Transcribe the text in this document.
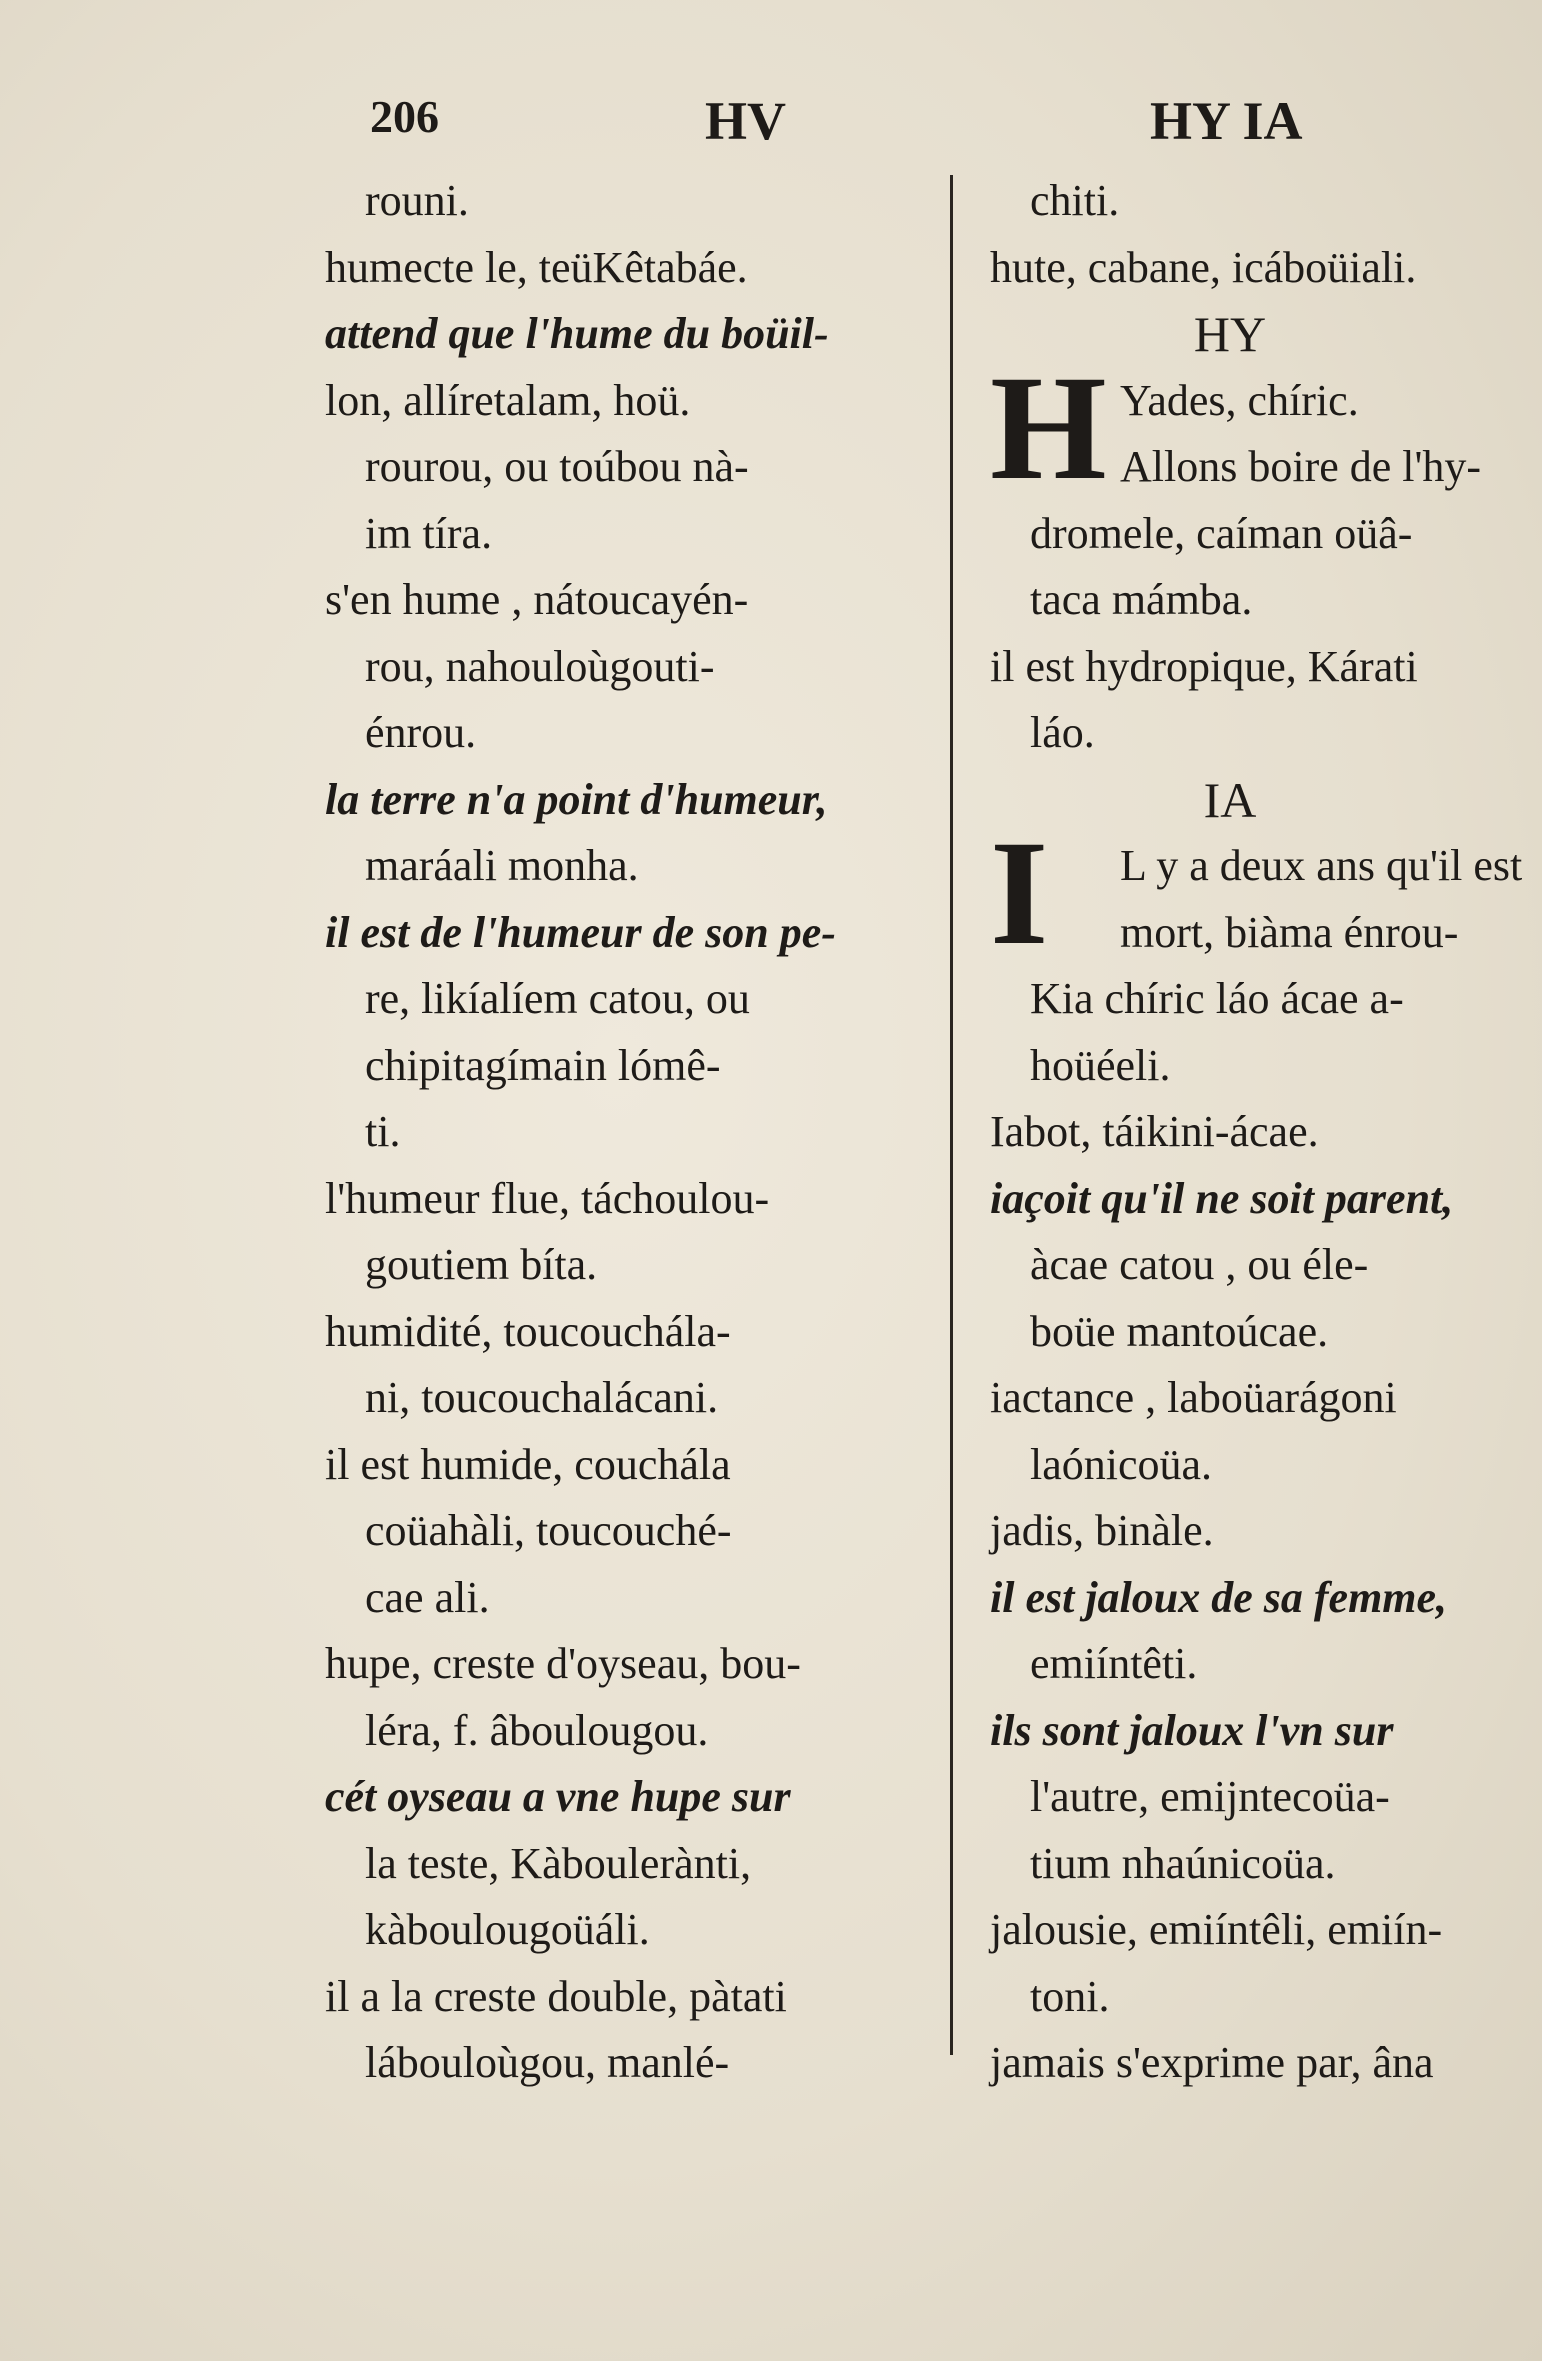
206	HV	HY IA
rouni.
humecte le, teüKêtabáe.
attend que l'hume du boüil-
lon, allíretalam, hoü.
rourou, ou toúbou nà-
im tíra.
s'en hume , nátoucayén-
rou, nahouloùgouti-
énrou.
la terre n'a point d'humeur,
maráali monha.
il est de l'humeur de son pe-
re, likíalíem catou, ou
chipitagímain lómê-
ti.
l'humeur flue, táchoulou-
goutiem bíta.
humidité, toucouchála-
ni, toucouchalácani.
il est humide, couchála
coüahàli, toucouché-
cae ali.
hupe, creste d'oyseau, bou-
léra, f. âboulougou.
cét oyseau a vne hupe sur
la teste, Kàboulerànti,
kàboulougoüáli.
il a la creste double, pàtati
lábouloùgou, manlé-
chiti.
hute, cabane, icáboüiali.
HY
H Yades, chíric.
Allons boire de l'hy-
dromele, caíman oüâ-
taca mámba.
il est hydropique, Kárati
láo.
IA
I	L y a deux ans qu'il est
mort, biàma énrou-
Kia chíric láo ácae a-
hoüéeli.
Iabot, táikini-ácae.
iaçoit qu'il ne soit parent,
àcae catou , ou éle-
boüe mantoúcae.
iactance , laboüarágoni
laónicoüa.
jadis, binàle.
il est jaloux de sa femme,
emiíntêti.
ils sont jaloux l'vn sur
l'autre, emijntecoüa-
tium nhaúnicoüa.
jalousie, emiíntêli, emiín-
toni.
jamais s'exprime par, âna
